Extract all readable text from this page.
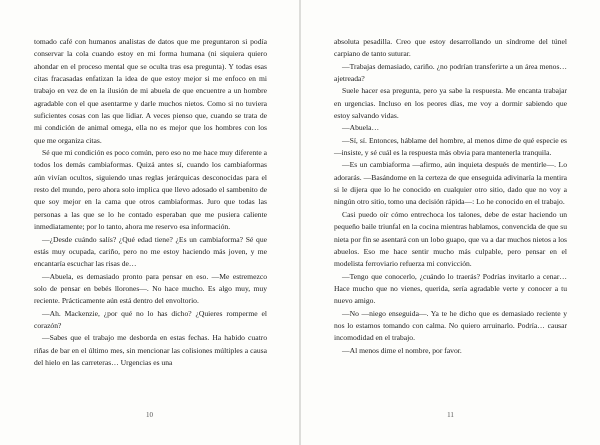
tomado café con humanos analistas de datos que me preguntaron si podía conservar la cola cuando estoy en mi forma humana (ni siquiera quiero ahondar en el proceso mental que se oculta tras esa pregunta). Y todas esas citas fracasadas enfatizan la idea de que estoy mejor si me enfoco en mi trabajo en vez de en la ilusión de mi abuela de que encuentre a un hombre agradable con el que asentarme y darle muchos nietos. Como si no tuviera suficientes cosas con las que lidiar. A veces pienso que, cuando se trata de mi condición de animal omega, ella no es mejor que los hombres con los que me organiza citas.

Sé que mi condición es poco común, pero eso no me hace muy diferente a todos los demás cambiaformas. Quizá antes sí, cuando los cambiaformas aún vivían ocultos, siguiendo unas reglas jerárquicas desconocidas para el resto del mundo, pero ahora solo implica que llevo adosado el sambenito de que soy mejor en la cama que otros cambiaformas. Juro que todas las personas a las que se lo he contado esperaban que me pusiera caliente inmediatamente; por lo tanto, ahora me reservo esa información.

—¿Desde cuándo salís? ¿Qué edad tiene? ¿Es un cambiaforma? Sé que estás muy ocupada, cariño, pero no me estoy haciendo más joven, y me encantaría escuchar las risas de…

—Abuela, es demasiado pronto para pensar en eso. —Me estremezco solo de pensar en bebés llorones—. No hace mucho. Es algo muy, muy reciente. Prácticamente aún está dentro del envoltorio.

—Ah. Mackenzie, ¿por qué no lo has dicho? ¿Quieres romperme el corazón?

—Sabes que el trabajo me desborda en estas fechas. Ha habido cuatro riñas de bar en el último mes, sin mencionar las colisiones múltiples a causa del hielo en las carreteras… Urgencias es una

10

absoluta pesadilla. Creo que estoy desarrollando un síndrome del túnel carpiano de tanto suturar.

—Trabajas demasiado, cariño. ¿no podrían transferirte a un área menos… ajetreada?

Suele hacer esa pregunta, pero ya sabe la respuesta. Me encanta trabajar en urgencias. Incluso en los peores días, me voy a dormir sabiendo que estoy salvando vidas.

—Abuela…

—Sí, sí. Entonces, háblame del hombre, al menos dime de qué especie es —insiste, y sé cuál es la respuesta más obvia para mantenerla tranquila.

—Es un cambiaforma —afirmo, aún inquieta después de mentirle—. Lo adorarás. —Basándome en la certeza de que enseguida adivinaría la mentira si le dijera que lo he conocido en cualquier otro sitio, dado que no voy a ningún otro sitio, tomo una decisión rápida—: Lo he conocido en el trabajo.

Casi puedo oír cómo entrechoca los talones, debe de estar haciendo un pequeño baile triunfal en la cocina mientras hablamos, convencida de que su nieta por fin se asentará con un lobo guapo, que va a dar muchos nietos a los abuelos. Eso me hace sentir mucho más culpable, pero pensar en el modelista ferroviario refuerza mi convicción.

—Tengo que conocerlo, ¿cuándo lo traerás? Podrías invitarlo a cenar… Hace mucho que no vienes, querida, sería agradable verte y conocer a tu nuevo amigo.

—No —niego enseguida—. Ya te he dicho que es demasiado reciente y nos lo estamos tomando con calma. No quiero arruinarlo. Podría… causar incomodidad en el trabajo.

—Al menos dime el nombre, por favor.

11
